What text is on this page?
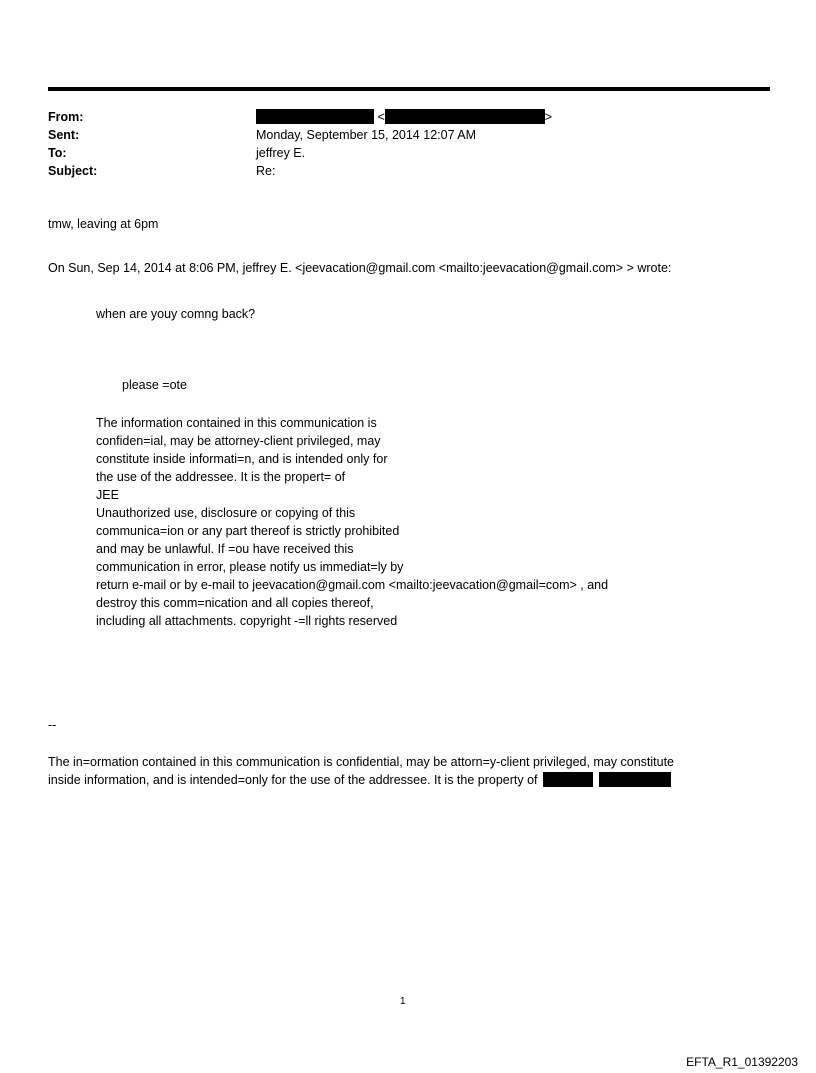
From:	<	>
Sent:	Monday, September 15, 2014 12:07 AM
To:	jeffrey E.
Subject:	Re:
tmw, leaving at 6pm
On Sun, Sep 14, 2014 at 8:06 PM, jeffrey E. <jeevacation@gmail.com <mailto:jeevacation@gmail.com> > wrote:
when are youy comng back?
please =ote
The information contained in this communication is
confiden=ial, may be attorney-client privileged, may
constitute inside informati=n, and is intended only for
the use of the addressee. It is the propert= of
JEE
Unauthorized use, disclosure or copying of this
communica=ion or any part thereof is strictly prohibited
and may be unlawful. If =ou have received this
communication in error, please notify us immediat=ly by
return e-mail or by e-mail to jeevacation@gmail.com <mailto:jeevacation@gmail=com> , and
destroy this comm=nication and all copies thereof,
including all attachments. copyright -=ll rights reserved
--
The in=ormation contained in this communication is confidential, may be attorn=y-client privileged, may constitute
inside information, and is intended=only for the use of the addressee. It is the property of
1
EFTA_R1_01392203
